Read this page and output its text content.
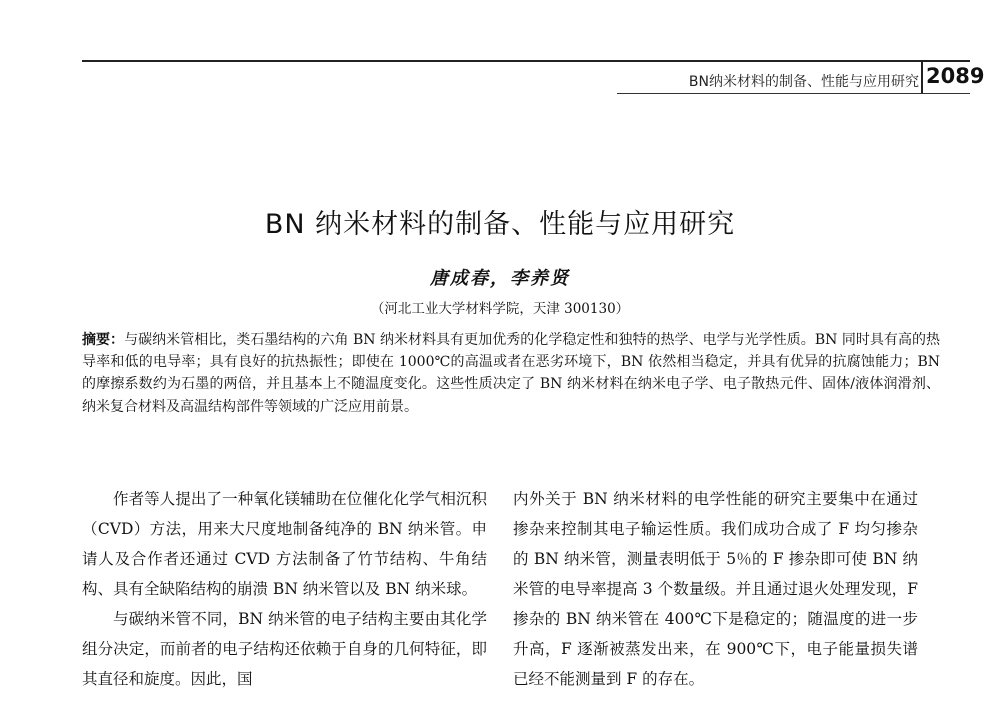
BN纳米材料的制备、性能与应用研究 2089
BN 纳米材料的制备、性能与应用研究
唐成春，李养贤
（河北工业大学材料学院，天津 300130）
摘要：与碳纳米管相比，类石墨结构的六角 BN 纳米材料具有更加优秀的化学稳定性和独特的热学、电学与光学性质。BN 同时具有高的热导率和低的电导率；具有良好的抗热振性；即使在 1000℃的高温或者在恶劣环境下，BN 依然相当稳定，并具有优异的抗腐蚀能力；BN 的摩擦系数约为石墨的两倍，并且基本上不随温度变化。这些性质决定了 BN 纳米材料在纳米电子学、电子散热元件、固体/液体润滑剂、纳米复合材料及高温结构部件等领域的广泛应用前景。

作者等人提出了一种氧化镁辅助在位催化化学气相沉积（CVD）方法，用来大尺度地制备纯净的 BN 纳米管。申请人及合作者还通过 CVD 方法制备了竹节结构、牛角结构、具有全缺陷结构的崩溃 BN 纳米管以及 BN 纳米球。

与碳纳米管不同，BN 纳米管的电子结构主要由其化学组分决定，而前者的电子结构还依赖于自身的几何特征，即其直径和旋度。因此，国

内外关于 BN 纳米材料的电学性能的研究主要集中在通过掺杂来控制其电子输运性质。我们成功合成了 F 均匀掺杂的 BN 纳米管，测量表明低于 5％的 F 掺杂即可使 BN 纳米管的电导率提高 3 个数量级。并且通过退火处理发现，F 掺杂的 BN 纳米管在 400℃下是稳定的；随温度的进一步升高，F 逐渐被蒸发出来，在 900℃下，电子能量损失谱已经不能测量到 F 的存在。
